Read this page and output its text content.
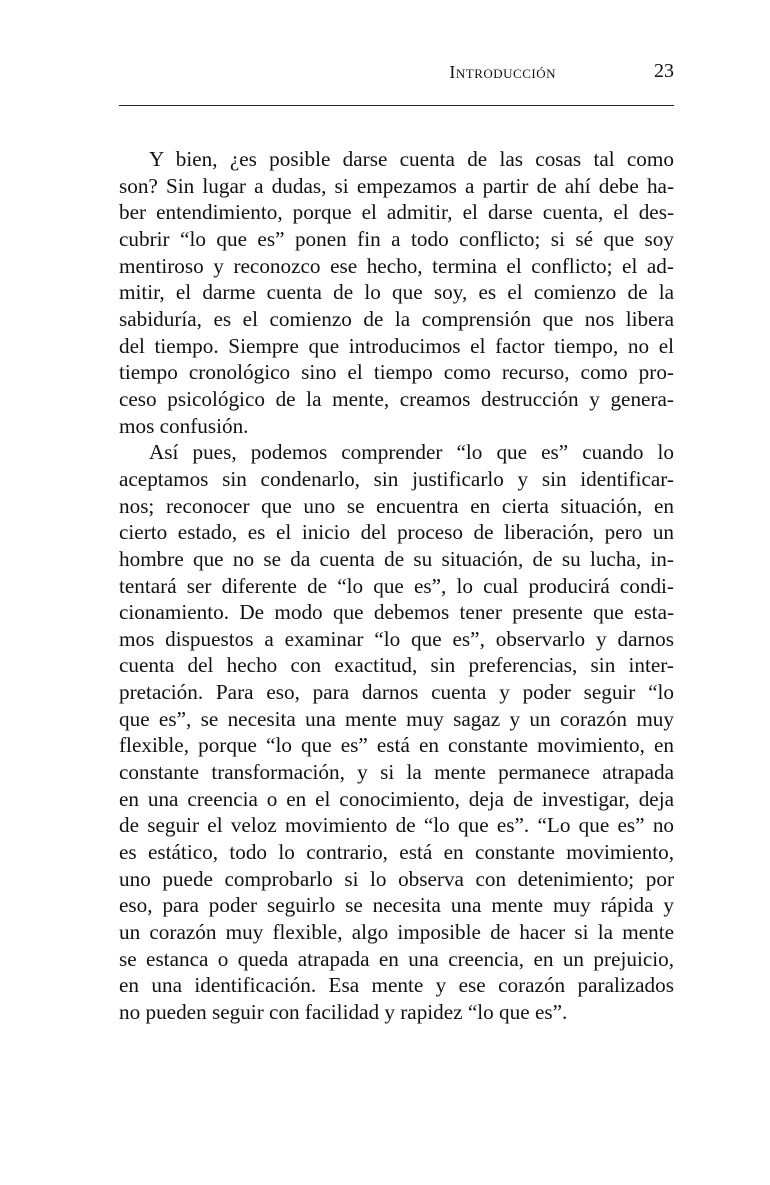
Introducción	23

Y bien, ¿es posible darse cuenta de las cosas tal como
son? Sin lugar a dudas, si empezamos a partir de ahí debe ha-
ber entendimiento, porque el admitir, el darse cuenta, el des-
cubrir “lo que es” ponen fin a todo conflicto; si sé que soy
mentiroso y reconozco ese hecho, termina el conflicto; el ad-
mitir, el darme cuenta de lo que soy, es el comienzo de la
sabiduría, es el comienzo de la comprensión que nos libera
del tiempo. Siempre que introducimos el factor tiempo, no el
tiempo cronológico sino el tiempo como recurso, como pro-
ceso psicológico de la mente, creamos destrucción y genera-
mos confusión.

Así pues, podemos comprender “lo que es” cuando lo
aceptamos sin condenarlo, sin justificarlo y sin identificar-
nos; reconocer que uno se encuentra en cierta situación, en
cierto estado, es el inicio del proceso de liberación, pero un
hombre que no se da cuenta de su situación, de su lucha, in-
tentará ser diferente de “lo que es”, lo cual producirá condi-
cionamiento. De modo que debemos tener presente que esta-
mos dispuestos a examinar “lo que es”, observarlo y darnos
cuenta del hecho con exactitud, sin preferencias, sin inter-
pretación. Para eso, para darnos cuenta y poder seguir “lo
que es”, se necesita una mente muy sagaz y un corazón muy
flexible, porque “lo que es” está en constante movimiento, en
constante transformación, y si la mente permanece atrapada
en una creencia o en el conocimiento, deja de investigar, deja
de seguir el veloz movimiento de “lo que es”. “Lo que es” no
es estático, todo lo contrario, está en constante movimiento,
uno puede comprobarlo si lo observa con detenimiento; por
eso, para poder seguirlo se necesita una mente muy rápida y
un corazón muy flexible, algo imposible de hacer si la mente
se estanca o queda atrapada en una creencia, en un prejuicio,
en una identificación. Esa mente y ese corazón paralizados
no pueden seguir con facilidad y rapidez “lo que es”.
